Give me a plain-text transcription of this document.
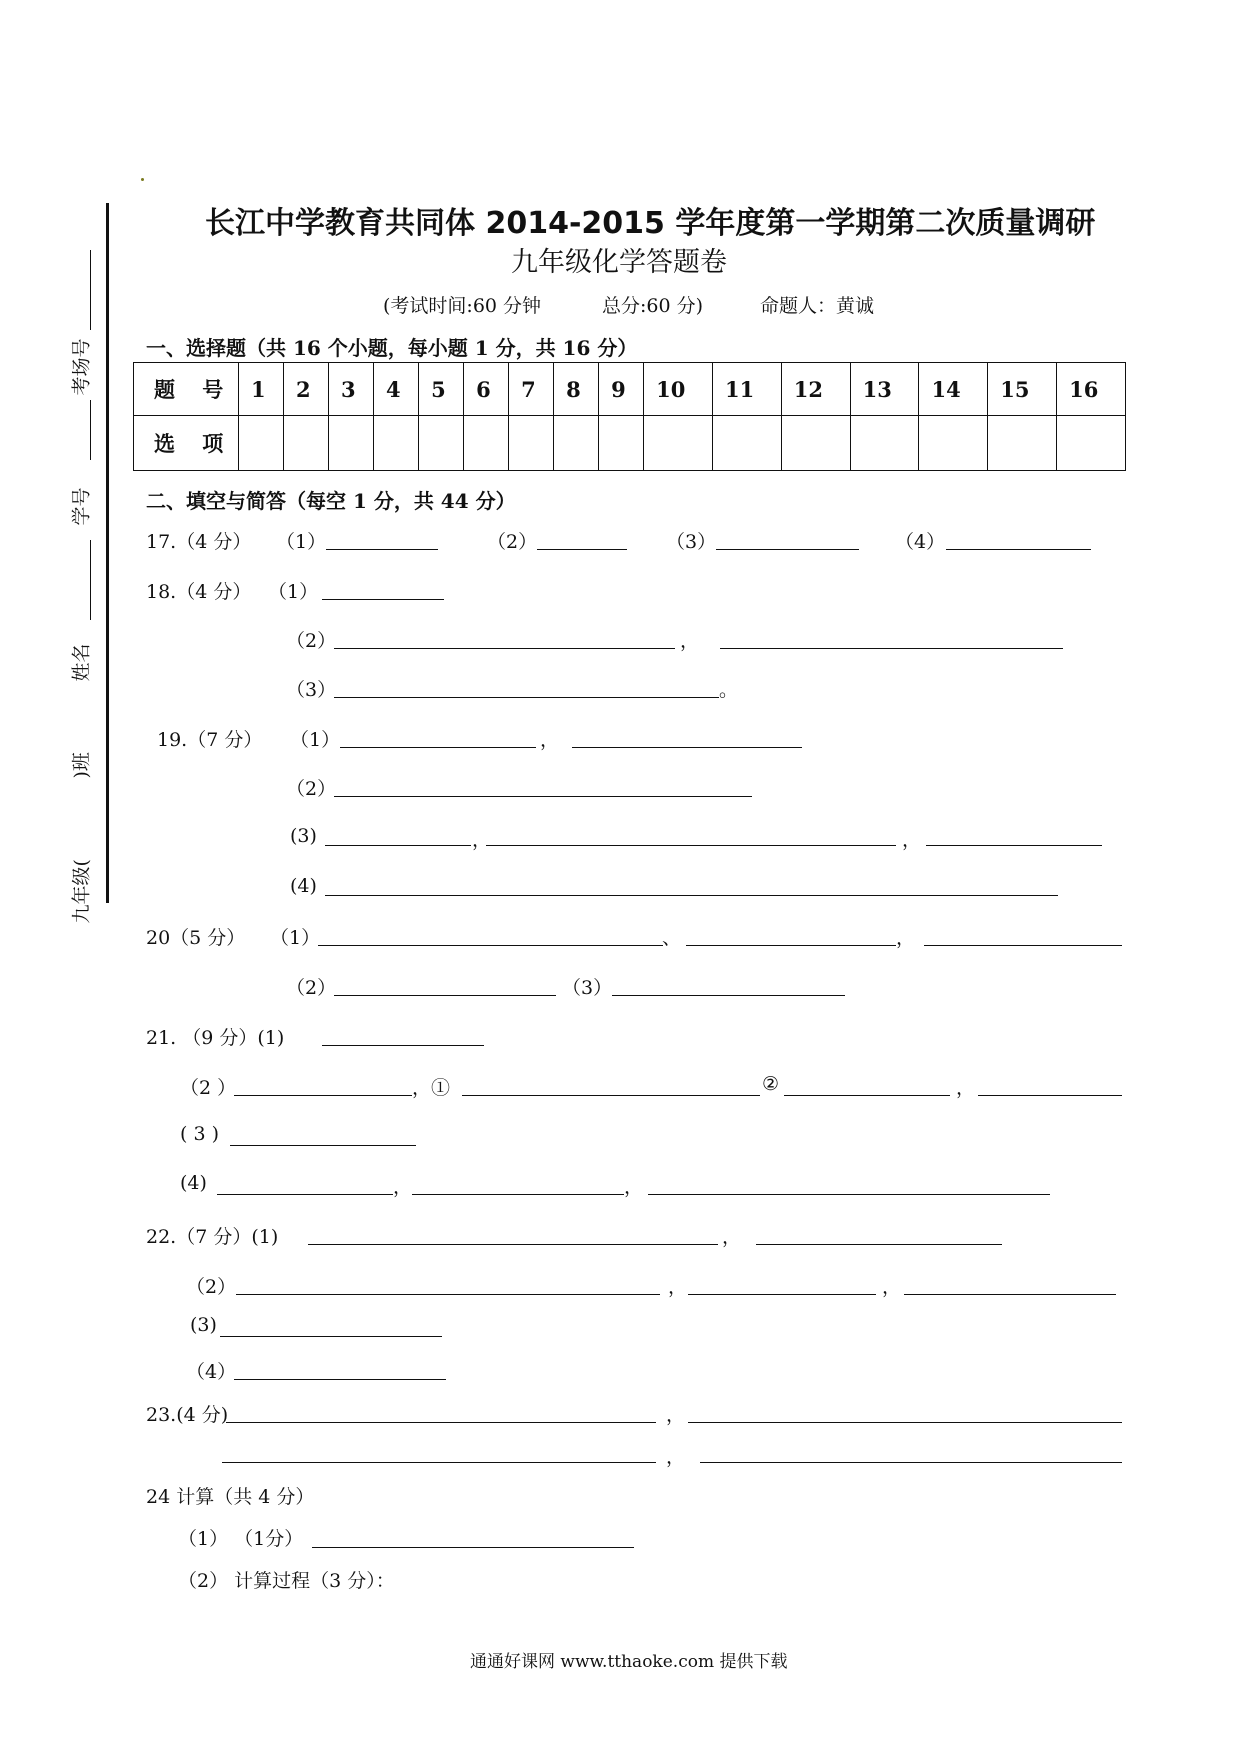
考场号
学号
姓名
)班
九年级(
长江中学教育共同体 2014-2015 学年度第一学期第二次质量调研
九年级化学答题卷
(考试时间:60 分钟	总分:60 分)	命题人：黄诚
一、选择题（共 16 个小题，每小题 1 分，共 16 分）
题 号	1	2	3	4	5	6	7	8	9	10	11	12	13	14	15	16
选 项																
二、填空与简答（每空 1 分，共 44 分）
17.（4 分） （1）	（2）	（3）	（4）
18.（4 分） （1）
（2）	，
（3）	。
19.（7 分） （1）	，
（2）
(3)	，	，
(4)
20（5 分） （1）	、	，
（2）	（3）
21. （9 分）(1)
（2 ）	，①	②	，
( 3 )
(4)	，	，
22.（7 分）(1)	，
（2）	，	，
(3)
（4）
23.(4 分)	，
，
24 计算（共 4 分）
（1） （1分）
（2） 计算过程（3 分）：
通通好课网 www.tthaoke.com 提供下载
